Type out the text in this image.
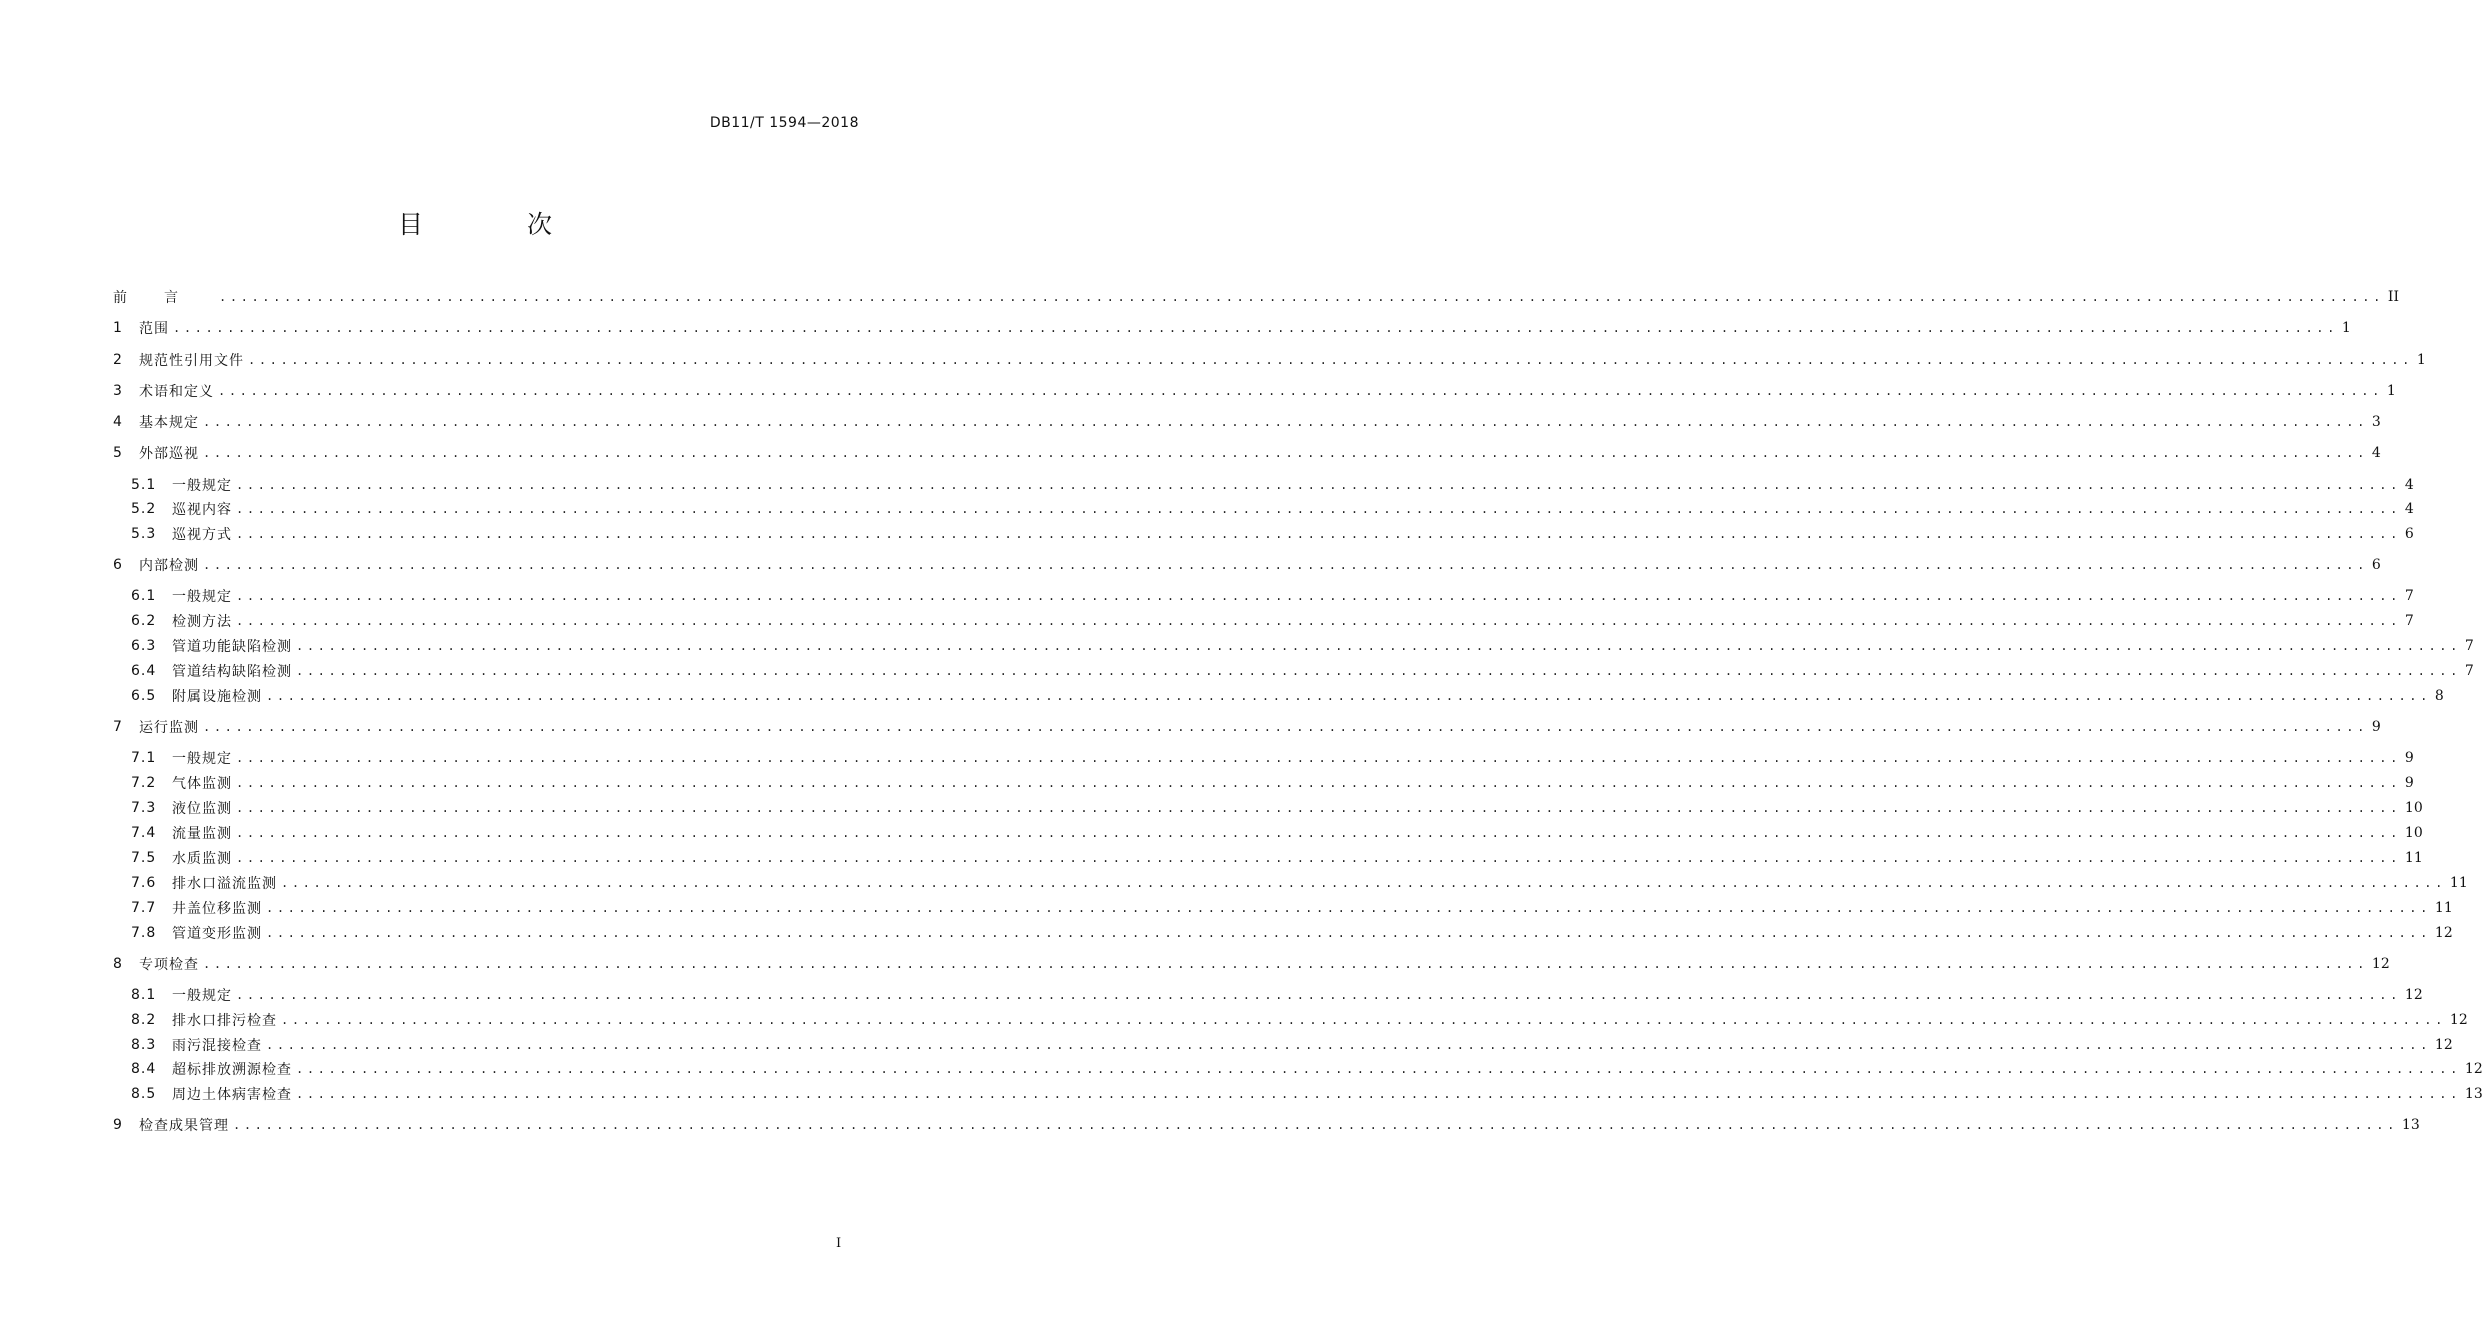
DB11/T 1594—2018
目 次
前言 ........................................................................................................................................................................................................ II
1	范围 ........................................................................................................................................................................................................ 1
2	规范性引用文件 ........................................................................................................................................................................................................ 1
3	术语和定义 ........................................................................................................................................................................................................ 1
4	基本规定 ........................................................................................................................................................................................................ 3
5	外部巡视 ........................................................................................................................................................................................................ 4
5.1	一般规定 ........................................................................................................................................................................................................ 4
5.2	巡视内容 ........................................................................................................................................................................................................ 4
5.3	巡视方式 ........................................................................................................................................................................................................ 6
6	内部检测 ........................................................................................................................................................................................................ 6
6.1	一般规定 ........................................................................................................................................................................................................ 7
6.2	检测方法 ........................................................................................................................................................................................................ 7
6.3	管道功能缺陷检测 ........................................................................................................................................................................................................ 7
6.4	管道结构缺陷检测 ........................................................................................................................................................................................................ 7
6.5	附属设施检测 ........................................................................................................................................................................................................ 8
7	运行监测 ........................................................................................................................................................................................................ 9
7.1	一般规定 ........................................................................................................................................................................................................ 9
7.2	气体监测 ........................................................................................................................................................................................................ 9
7.3	液位监测 ........................................................................................................................................................................................................ 10
7.4	流量监测 ........................................................................................................................................................................................................ 10
7.5	水质监测 ........................................................................................................................................................................................................ 11
7.6	排水口溢流监测 ........................................................................................................................................................................................................ 11
7.7	井盖位移监测 ........................................................................................................................................................................................................ 11
7.8	管道变形监测 ........................................................................................................................................................................................................ 12
8	专项检查 ........................................................................................................................................................................................................ 12
8.1	一般规定 ........................................................................................................................................................................................................ 12
8.2	排水口排污检查 ........................................................................................................................................................................................................ 12
8.3	雨污混接检查 ........................................................................................................................................................................................................ 12
8.4	超标排放溯源检查 ........................................................................................................................................................................................................ 12
8.5	周边土体病害检查 ........................................................................................................................................................................................................ 13
9	检查成果管理 ........................................................................................................................................................................................................ 13
I
